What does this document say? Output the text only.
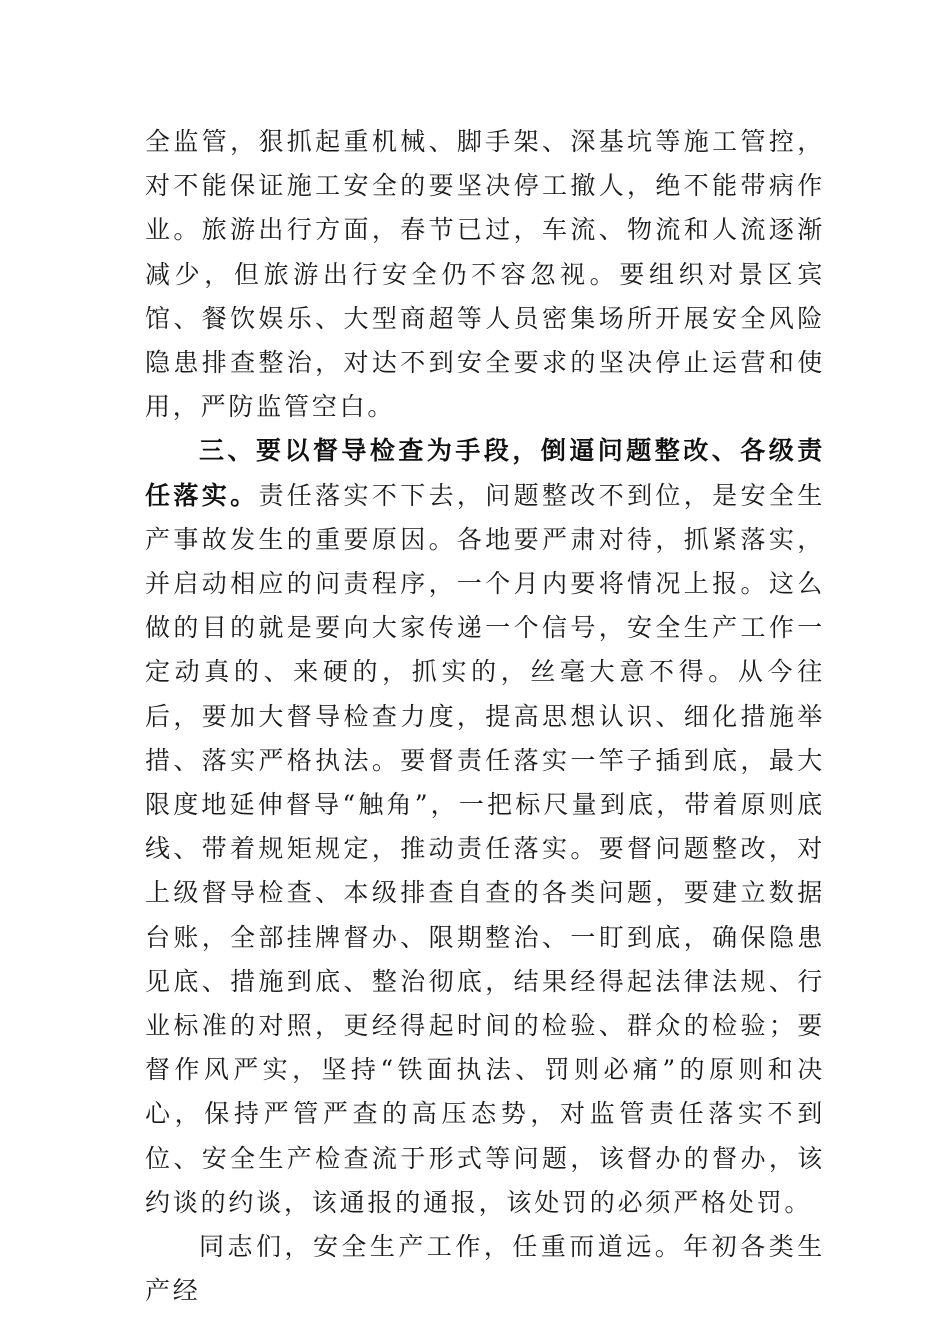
全监管，狠抓起重机械、脚手架、深基坑等施工管控，对不能保证施工安全的要坚决停工撤人，绝不能带病作业。旅游出行方面，春节已过，车流、物流和人流逐渐减少，但旅游出行安全仍不容忽视。要组织对景区宾馆、餐饮娱乐、大型商超等人员密集场所开展安全风险隐患排查整治，对达不到安全要求的坚决停止运营和使用，严防监管空白。

三、要以督导检查为手段，倒逼问题整改、各级责任落实。责任落实不下去，问题整改不到位，是安全生产事故发生的重要原因。各地要严肃对待，抓紧落实，并启动相应的问责程序，一个月内要将情况上报。这么做的目的就是要向大家传递一个信号，安全生产工作一定动真的、来硬的，抓实的，丝毫大意不得。从今往后，要加大督导检查力度，提高思想认识、细化措施举措、落实严格执法。要督责任落实一竿子插到底，最大限度地延伸督导“触角”，一把标尺量到底，带着原则底线、带着规矩规定，推动责任落实。要督问题整改，对上级督导检查、本级排查自查的各类问题，要建立数据台账，全部挂牌督办、限期整治、一盯到底，确保隐患见底、措施到底、整治彻底，结果经得起法律法规、行业标准的对照，更经得起时间的检验、群众的检验；要督作风严实，坚持“铁面执法、罚则必痛”的原则和决心，保持严管严查的高压态势，对监管责任落实不到位、安全生产检查流于形式等问题，该督办的督办，该约谈的约谈，该通报的通报，该处罚的必须严格处罚。

同志们，安全生产工作，任重而道远。年初各类生产经
